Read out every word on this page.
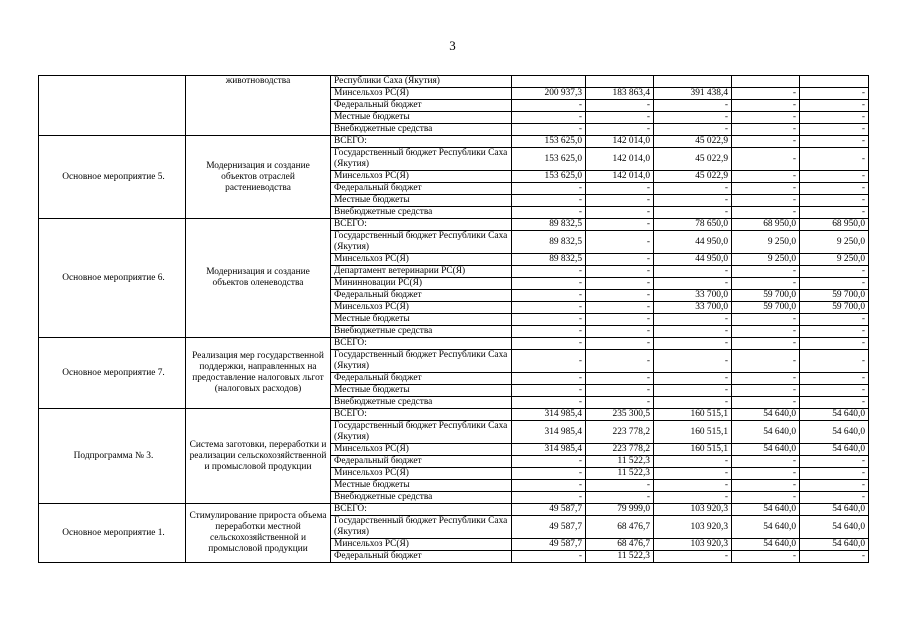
3
	животноводства	Республики Саха (Якутия)					
		Минсельхоз РС(Я)	200 937,3	183 863,4	391 438,4	-	-
		Федеральный бюджет	-	-	-	-	-
		Местные бюджеты	-	-	-	-	-
		Внебюджетные средства	-	-	-	-	-
Основное мероприятие 5.	Модернизация и создание объектов отраслей растениеводства	ВСЕГО:	153 625,0	142 014,0	45 022,9	-	-
		Государственный бюджет Республики Саха (Якутия)	153 625,0	142 014,0	45 022,9	-	-
		Минсельхоз РС(Я)	153 625,0	142 014,0	45 022,9	-	-
		Федеральный бюджет	-	-	-	-	-
		Местные бюджеты	-	-	-	-	-
		Внебюджетные средства	-	-	-	-	-
Основное мероприятие 6.	Модернизация и создание объектов оленеводства	ВСЕГО:	89 832,5	-	78 650,0	68 950,0	68 950,0
		Государственный бюджет Республики Саха (Якутия)	89 832,5	-	44 950,0	9 250,0	9 250,0
		Минсельхоз РС(Я)	89 832,5	-	44 950,0	9 250,0	9 250,0
		Департамент ветеринарии РС(Я)	-	-	-	-	-
		Мининновации РС(Я)	-	-	-	-	-
		Федеральный бюджет	-	-	33 700,0	59 700,0	59 700,0
		Минсельхоз РС(Я)	-	-	33 700,0	59 700,0	59 700,0
		Местные бюджеты	-	-	-	-	-
		Внебюджетные средства	-	-	-	-	-
Основное мероприятие 7.	Реализация мер государственной поддержки, направленных на предоставление налоговых льгот (налоговых расходов)	ВСЕГО:	-	-	-	-	-
		Государственный бюджет Республики Саха (Якутия)	-	-	-	-	-
		Федеральный бюджет	-	-	-	-	-
		Местные бюджеты	-	-	-	-	-
		Внебюджетные средства	-	-	-	-	-
Подпрограмма № 3.	Система заготовки, переработки и реализации сельскохозяйственной и промысловой продукции	ВСЕГО:	314 985,4	235 300,5	160 515,1	54 640,0	54 640,0
		Государственный бюджет Республики Саха (Якутия)	314 985,4	223 778,2	160 515,1	54 640,0	54 640,0
		Минсельхоз РС(Я)	314 985,4	223 778,2	160 515,1	54 640,0	54 640,0
		Федеральный бюджет	-	11 522,3	-	-	-
		Минсельхоз РС(Я)	-	11 522,3	-	-	-
		Местные бюджеты	-	-	-	-	-
		Внебюджетные средства	-	-	-	-	-
Основное мероприятие 1.	Стимулирование прироста объема переработки местной сельскохозяйственной и промысловой продукции	ВСЕГО:	49 587,7	79 999,0	103 920,3	54 640,0	54 640,0
		Государственный бюджет Республики Саха (Якутия)	49 587,7	68 476,7	103 920,3	54 640,0	54 640,0
		Минсельхоз РС(Я)	49 587,7	68 476,7	103 920,3	54 640,0	54 640,0
		Федеральный бюджет	-	11 522,3	-	-	-
